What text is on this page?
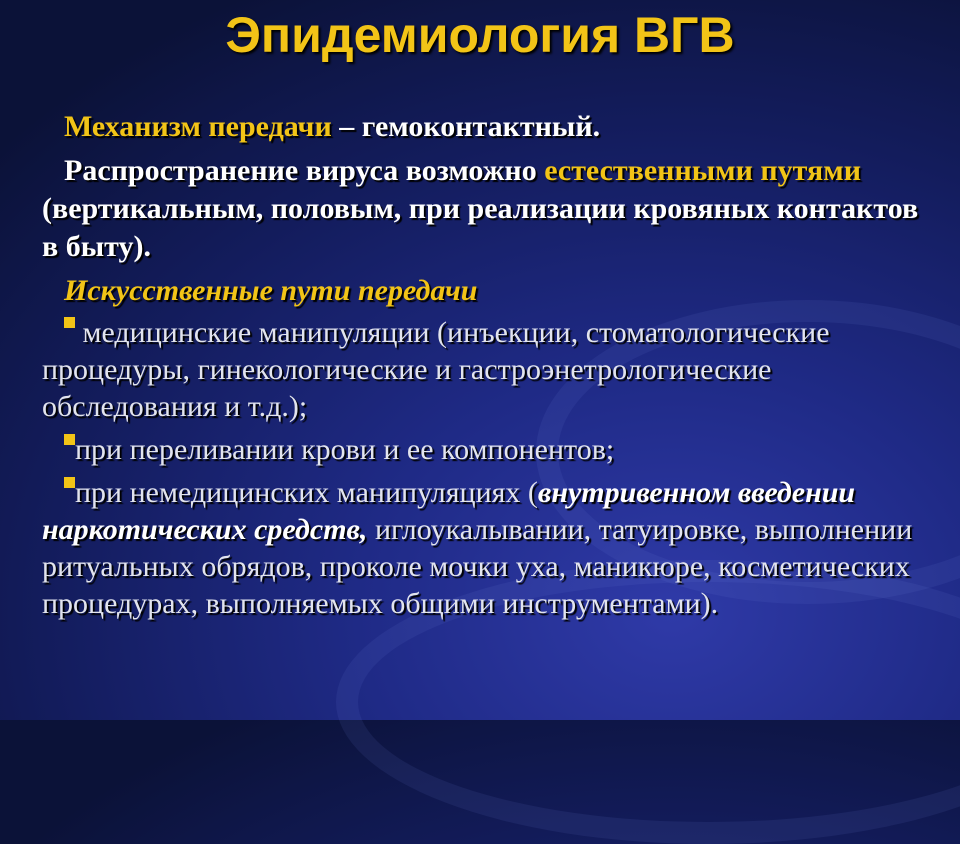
Эпидемиология ВГВ
Механизм передачи – гемоконтактный.
Распространение вируса возможно естественными путями (вертикальным, половым, при реализации кровяных контактов в быту).
Искусственные пути передачи
медицинские манипуляции (инъекции, стоматологические процедуры, гинекологические и гастроэнетрологические обследования и т.д.);
при переливании крови и ее компонентов;
при немедицинских манипуляциях (внутривенном введении наркотических средств, иглоукалывании, татуировке, выполнении ритуальных обрядов, проколе мочки уха, маникюре, косметических процедурах, выполняемых общими инструментами).
